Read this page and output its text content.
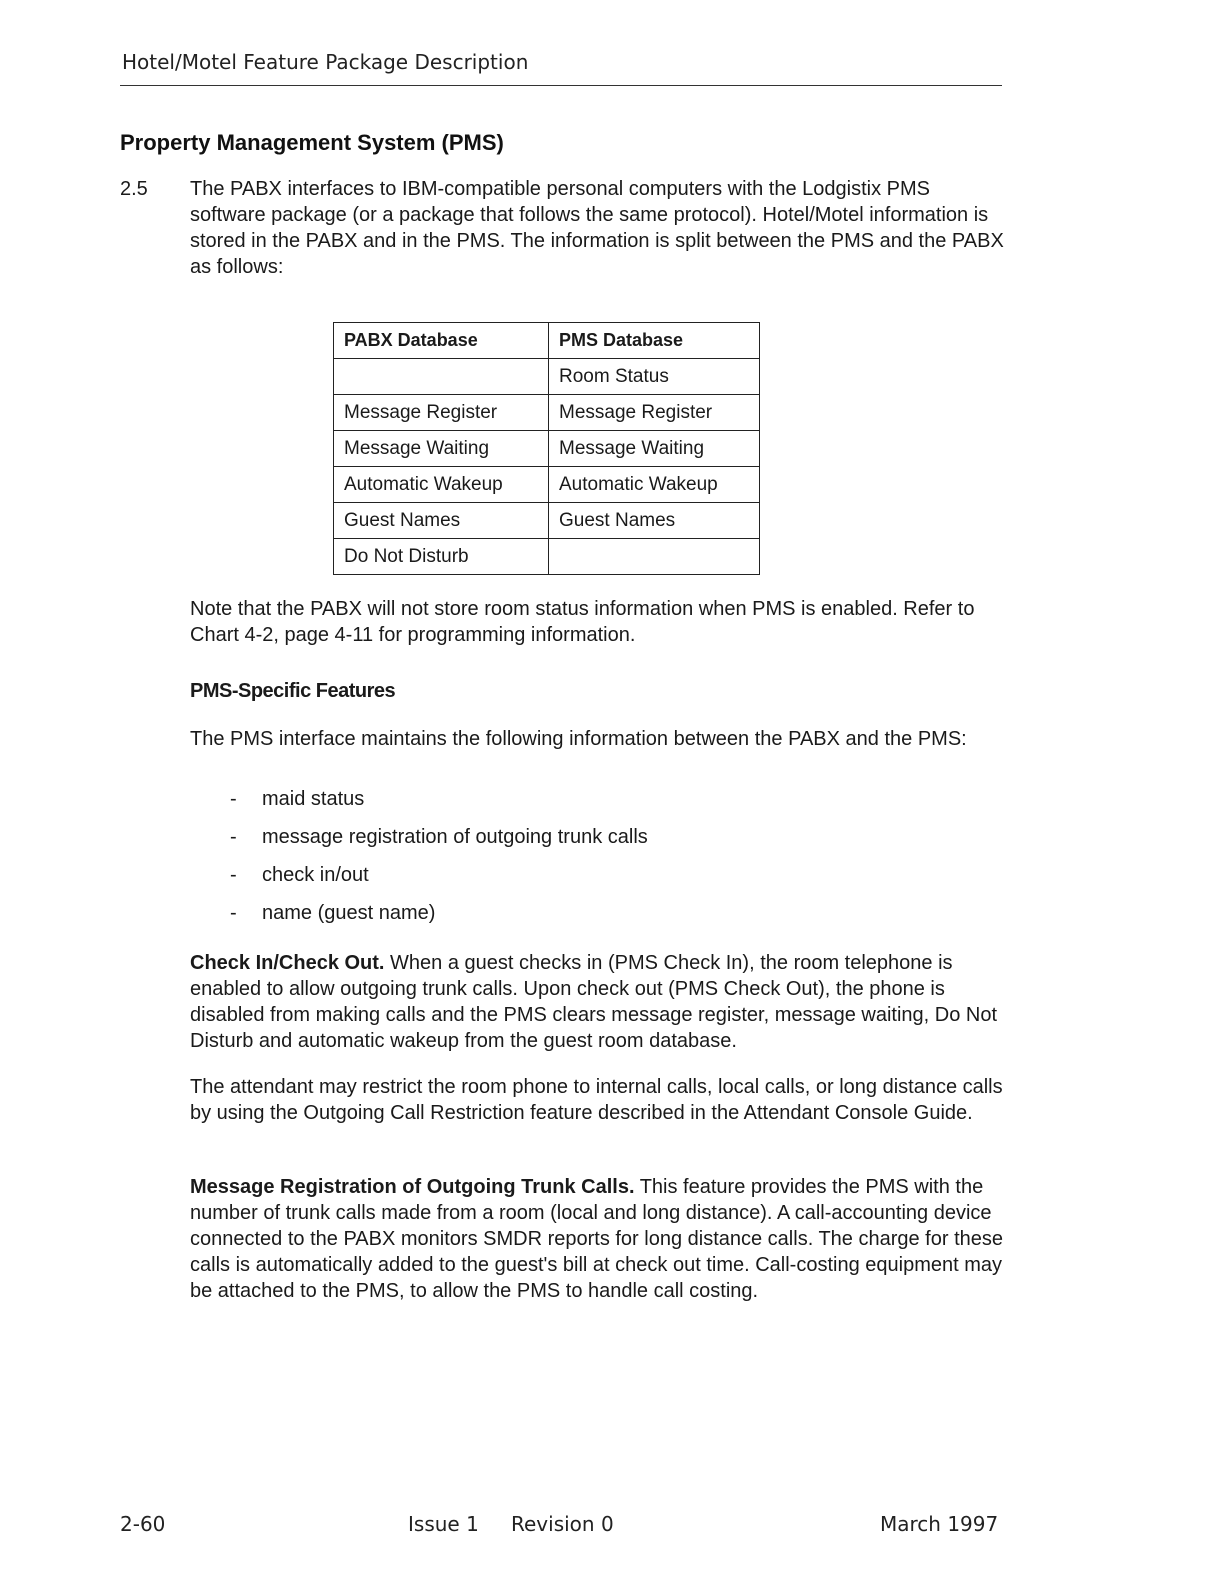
Hotel/Motel Feature Package Description
Property Management System (PMS)
2.5 The PABX interfaces to IBM-compatible personal computers with the Lodgistix PMS software package (or a package that follows the same protocol). Hotel/Motel information is stored in the PABX and in the PMS. The information is split between the PMS and the PABX as follows:
PABX Database	PMS Database
	Room Status
Message Register	Message Register
Message Waiting	Message Waiting
Automatic Wakeup	Automatic Wakeup
Guest Names	Guest Names
Do Not Disturb	
Note that the PABX will not store room status information when PMS is enabled. Refer to Chart 4-2, page 4-11 for programming information.
PMS-Specific Features
The PMS interface maintains the following information between the PABX and the PMS:
-	maid status
-	message registration of outgoing trunk calls
-	check in/out
-	name (guest name)
Check In/Check Out. When a guest checks in (PMS Check In), the room telephone is enabled to allow outgoing trunk calls. Upon check out (PMS Check Out), the phone is disabled from making calls and the PMS clears message register, message waiting, Do Not Disturb and automatic wakeup from the guest room database.
The attendant may restrict the room phone to internal calls, local calls, or long distance calls by using the Outgoing Call Restriction feature described in the Attendant Console Guide.
Message Registration of Outgoing Trunk Calls. This feature provides the PMS with the number of trunk calls made from a room (local and long distance). A call-accounting device connected to the PABX monitors SMDR reports for long distance calls. The charge for these calls is automatically added to the guest's bill at check out time. Call-costing equipment may be attached to the PMS, to allow the PMS to handle call costing.
2-60	Issue 1 Revision 0	March 1997
